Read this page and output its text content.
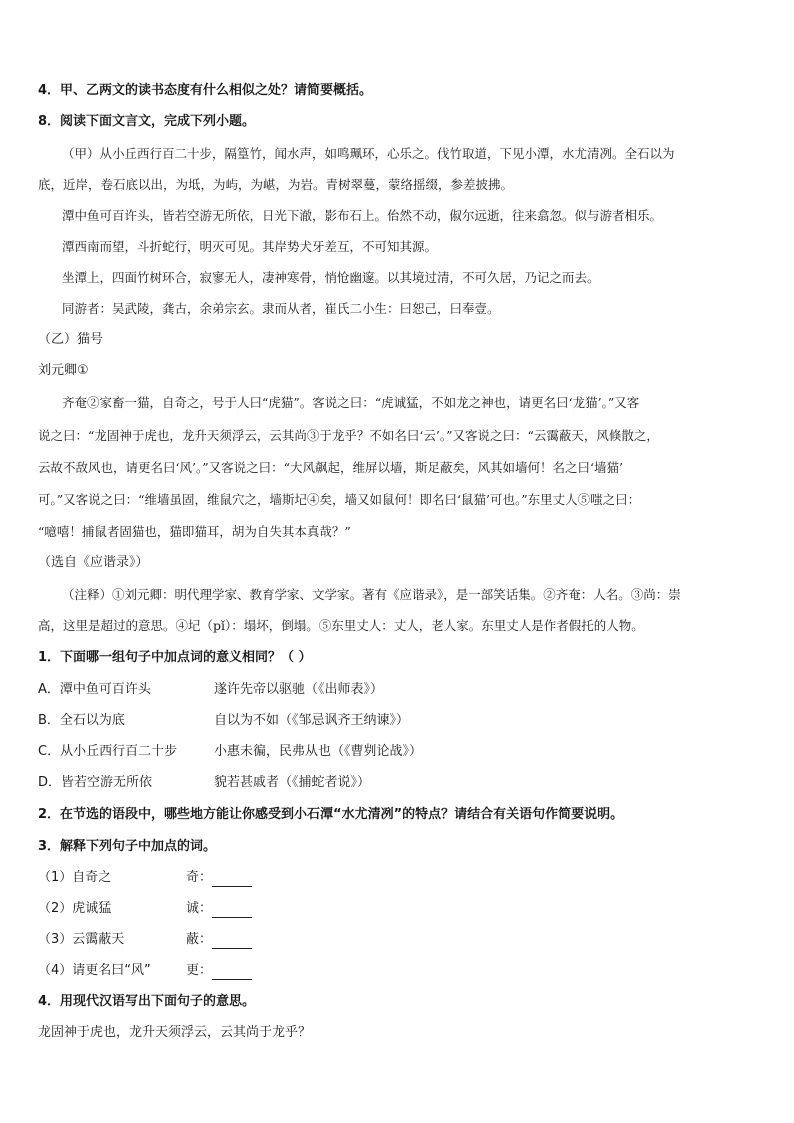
4．甲、乙两文的读书态度有什么相似之处？请简要概括。
8．阅读下面文言文，完成下列小题。
（甲）从小丘西行百二十步，隔篁竹，闻水声，如鸣珮环，心乐之。伐竹取道，下见小潭，水尤清冽。全石以为
底，近岸，卷石底以出，为坻，为屿，为嵁，为岩。青树翠蔓，蒙络摇缀，参差披拂。
潭中鱼可百许头，皆若空游无所依，日光下澈，影布石上。佁然不动，俶尔远逝，往来翕忽。似与游者相乐。
潭西南而望，斗折蛇行，明灭可见。其岸势犬牙差互，不可知其源。
坐潭上，四面竹树环合，寂寥无人，凄神寒骨，悄怆幽邃。以其境过清，不可久居，乃记之而去。
同游者：吴武陵，龚古，余弟宗玄。隶而从者，崔氏二小生：曰恕己，曰奉壹。
（乙）猫号
刘元卿①
齐奄②家畜一猫，自奇之，号于人曰“虎猫”。客说之曰：“虎诚猛，不如龙之神也，请更名曰‘龙猫’。”又客
说之曰：“龙固神于虎也，龙升天须浮云，云其尚③于龙乎？不如名曰‘云’。”又客说之曰：“云霭蔽天，风倏散之，
云故不敌风也，请更名曰‘风’。”又客说之曰：“大风飙起，维屏以墙，斯足蔽矣，风其如墙何！名之曰‘墙猫’
可。”又客说之曰：“维墙虽固，维鼠穴之，墙斯圮④矣，墙又如鼠何！即名曰‘鼠猫’可也。”东里丈人⑤嗤之曰：
“噫嘻！捕鼠者固猫也，猫即猫耳，胡为自失其本真哉？”
（选自《应谐录》）
（注释）①刘元卿：明代理学家、教育学家、文学家。著有《应谐录》，是一部笑话集。②齐奄：人名。③尚：崇
高，这里是超过的意思。④圮（pǐ）：塌坏，倒塌。⑤东里丈人：丈人，老人家。东里丈人是作者假托的人物。
1．下面哪一组句子中加点词的意义相同？（ ）
A．潭中鱼可百许头	遂许先帝以驱驰（《出师表》）
B．全石以为底	自以为不如（《邹忌讽齐王纳谏》）
C．从小丘西行百二十步	小惠未徧，民弗从也（《曹刿论战》）
D．皆若空游无所依	貌若甚戚者（《捕蛇者说》）
2．在节选的语段中，哪些地方能让你感受到小石潭“水尤清冽”的特点？请结合有关语句作简要说明。
3．解释下列句子中加点的词。
（1）自奇之	奇：
（2）虎诚猛	诚：
（3）云霭蔽天	蔽：
（4）请更名曰“风”	更：
4．用现代汉语写出下面句子的意思。
龙固神于虎也，龙升天须浮云，云其尚于龙乎？
